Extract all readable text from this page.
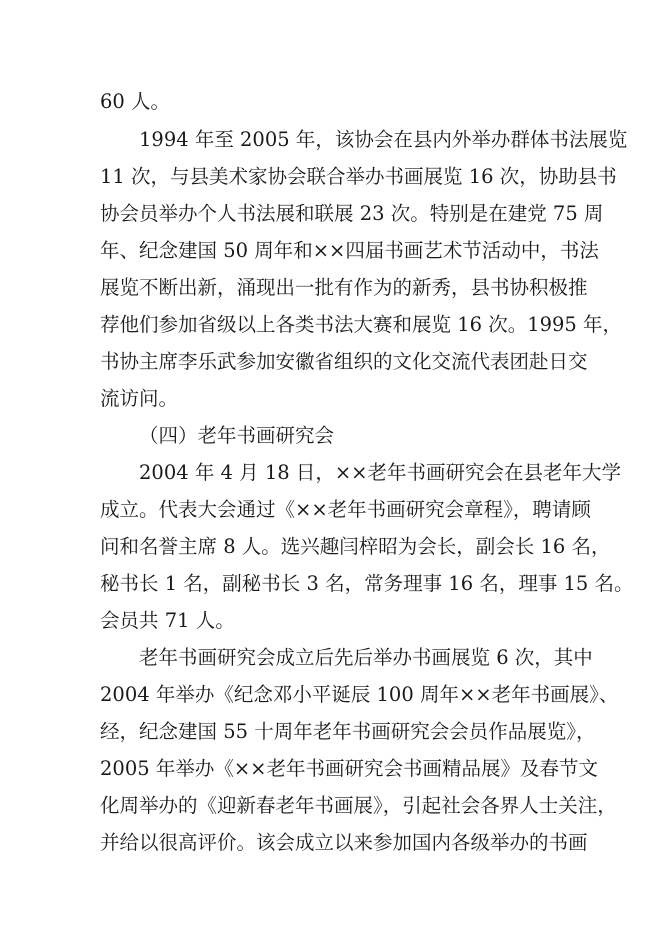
60 人。
1994 年至 2005 年，该协会在县内外举办群体书法展览
11 次，与县美术家协会联合举办书画展览 16 次，协助县书
协会员举办个人书法展和联展 23 次。特别是在建党 75 周
年、纪念建国 50 周年和××四届书画艺术节活动中，书法
展览不断出新，涌现出一批有作为的新秀，县书协积极推
荐他们参加省级以上各类书法大赛和展览 16 次。1995 年，
书协主席李乐武参加安徽省组织的文化交流代表团赴日交
流访问。
（四）老年书画研究会
2004 年 4 月 18 日，××老年书画研究会在县老年大学
成立。代表大会通过《××老年书画研究会章程》，聘请顾
问和名誉主席 8 人。选兴趣闫梓昭为会长，副会长 16 名，
秘书长 1 名，副秘书长 3 名，常务理事 16 名，理事 15 名。
会员共 71 人。
老年书画研究会成立后先后举办书画展览 6 次，其中
2004 年举办《纪念邓小平诞辰 100 周年××老年书画展》、
经，纪念建国 55 十周年老年书画研究会会员作品展览》，
2005 年举办《××老年书画研究会书画精品展》及春节文
化周举办的《迎新春老年书画展》，引起社会各界人士关注，
并给以很高评价。该会成立以来参加国内各级举办的书画
